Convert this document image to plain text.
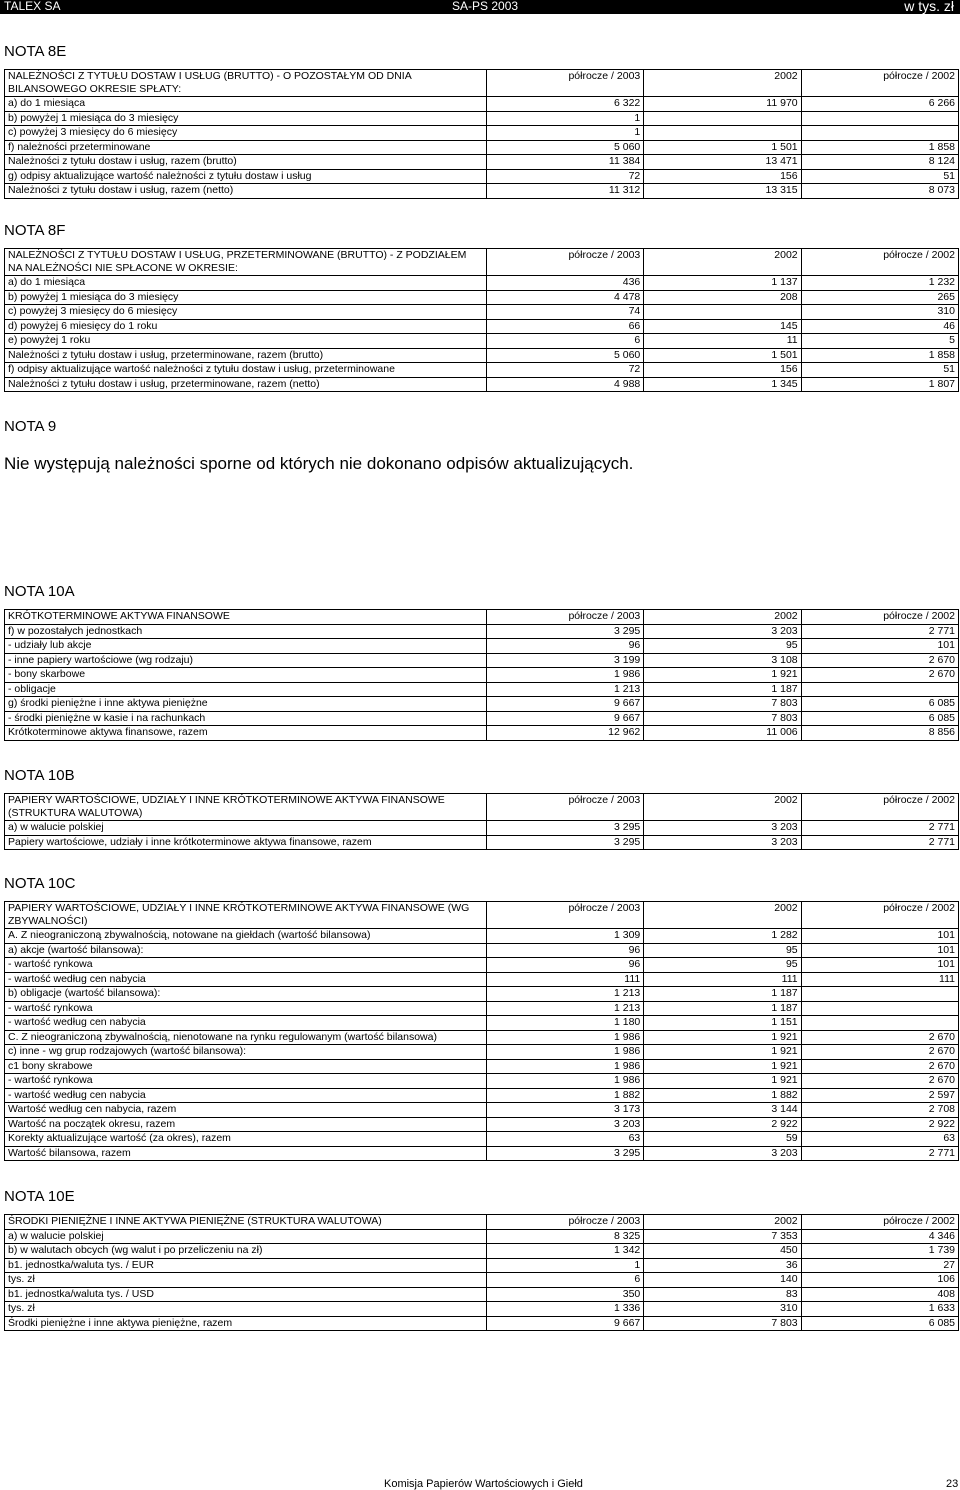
TALEX SA	SA-PS 2003	w tys. zł
NOTA 8E
NALEŻNOŚCI Z TYTUŁU DOSTAW I USŁUG (BRUTTO) - O POZOSTAŁYM OD DNIA BILANSOWEGO OKRESIE SPŁATY:	półrocze / 2003	2002	półrocze / 2002
a) do 1 miesiąca	6 322	11 970	6 266
b) powyżej 1 miesiąca do 3 miesięcy	1		
c) powyżej 3 miesięcy do 6 miesięcy	1		
f) należności przeterminowane	5 060	1 501	1 858
Należności z tytułu dostaw i usług, razem (brutto)	11 384	13 471	8 124
g) odpisy aktualizujące wartość należności z tytułu dostaw i usług	72	156	51
Należności z tytułu dostaw i usług, razem (netto)	11 312	13 315	8 073
NOTA 8F
NALEŻNOŚCI Z TYTUŁU DOSTAW I USŁUG, PRZETERMINOWANE (BRUTTO) - Z PODZIAŁEM NA NALEŻNOŚCI NIE SPŁACONE W OKRESIE:	półrocze / 2003	2002	półrocze / 2002
a) do 1 miesiąca	436	1 137	1 232
b) powyżej 1 miesiąca do 3 miesięcy	4 478	208	265
c) powyżej 3 miesięcy do 6 miesięcy	74		310
d) powyżej 6 miesięcy do 1 roku	66	145	46
e) powyżej 1 roku	6	11	5
Należności z tytułu dostaw i usług, przeterminowane, razem (brutto)	5 060	1 501	1 858
f) odpisy aktualizujące wartość należności z tytułu dostaw i usług, przeterminowane	72	156	51
Należności z tytułu dostaw i usług, przeterminowane, razem (netto)	4 988	1 345	1 807
NOTA 10A
KRÓTKOTERMINOWE AKTYWA FINANSOWE	półrocze / 2003	2002	półrocze / 2002
f) w pozostałych jednostkach	3 295	3 203	2 771
- udziały lub akcje	96	95	101
- inne papiery wartościowe (wg rodzaju)	3 199	3 108	2 670
- bony skarbowe	1 986	1 921	2 670
- obligacje	1 213	1 187	
g) środki pieniężne i inne aktywa pieniężne	9 667	7 803	6 085
- środki pieniężne w kasie i na rachunkach	9 667	7 803	6 085
Krótkoterminowe aktywa finansowe, razem	12 962	11 006	8 856
NOTA 10B
PAPIERY WARTOŚCIOWE, UDZIAŁY I INNE KRÓTKOTERMINOWE AKTYWA FINANSOWE (STRUKTURA WALUTOWA)	półrocze / 2003	2002	półrocze / 2002
a) w walucie polskiej	3 295	3 203	2 771
Papiery wartościowe, udziały i inne krótkoterminowe aktywa finansowe, razem	3 295	3 203	2 771
NOTA 10C
PAPIERY WARTOŚCIOWE, UDZIAŁY I INNE KRÓTKOTERMINOWE AKTYWA FINANSOWE (WG ZBYWALNOŚCI)	półrocze / 2003	2002	półrocze / 2002
A. Z nieograniczoną zbywalnością, notowane na giełdach (wartość bilansowa)	1 309	1 282	101
a) akcje (wartość bilansowa):	96	95	101
- wartość rynkowa	96	95	101
- wartość według cen nabycia	111	111	111
b) obligacje (wartość bilansowa):	1 213	1 187	
- wartość rynkowa	1 213	1 187	
- wartość według cen nabycia	1 180	1 151	
C. Z nieograniczoną zbywalnością, nienotowane na rynku regulowanym (wartość bilansowa)	1 986	1 921	2 670
c) inne - wg grup rodzajowych (wartość bilansowa):	1 986	1 921	2 670
c1 bony skrabowe	1 986	1 921	2 670
- wartość rynkowa	1 986	1 921	2 670
- wartość według cen nabycia	1 882	1 882	2 597
Wartość według cen nabycia, razem	3 173	3 144	2 708
Wartość na początek okresu, razem	3 203	2 922	2 922
Korekty aktualizujące wartość (za okres), razem	63	59	63
Wartość bilansowa, razem	3 295	3 203	2 771
NOTA 10E
ŚRODKI PIENIĘŻNE I INNE AKTYWA PIENIĘŻNE (STRUKTURA WALUTOWA)	półrocze / 2003	2002	półrocze / 2002
a) w walucie polskiej	8 325	7 353	4 346
b) w walutach obcych (wg walut i po przeliczeniu na zł)	1 342	450	1 739
b1. jednostka/waluta tys. / EUR	1	36	27
tys. zł	6	140	106
b1. jednostka/waluta tys. / USD	350	83	408
tys. zł	1 336	310	1 633
Środki pieniężne i inne aktywa pieniężne, razem	9 667	7 803	6 085
NOTA 9
Nie występują należności sporne od których nie dokonano odpisów aktualizujących.
Komisja Papierów Wartościowych i Giełd	23
